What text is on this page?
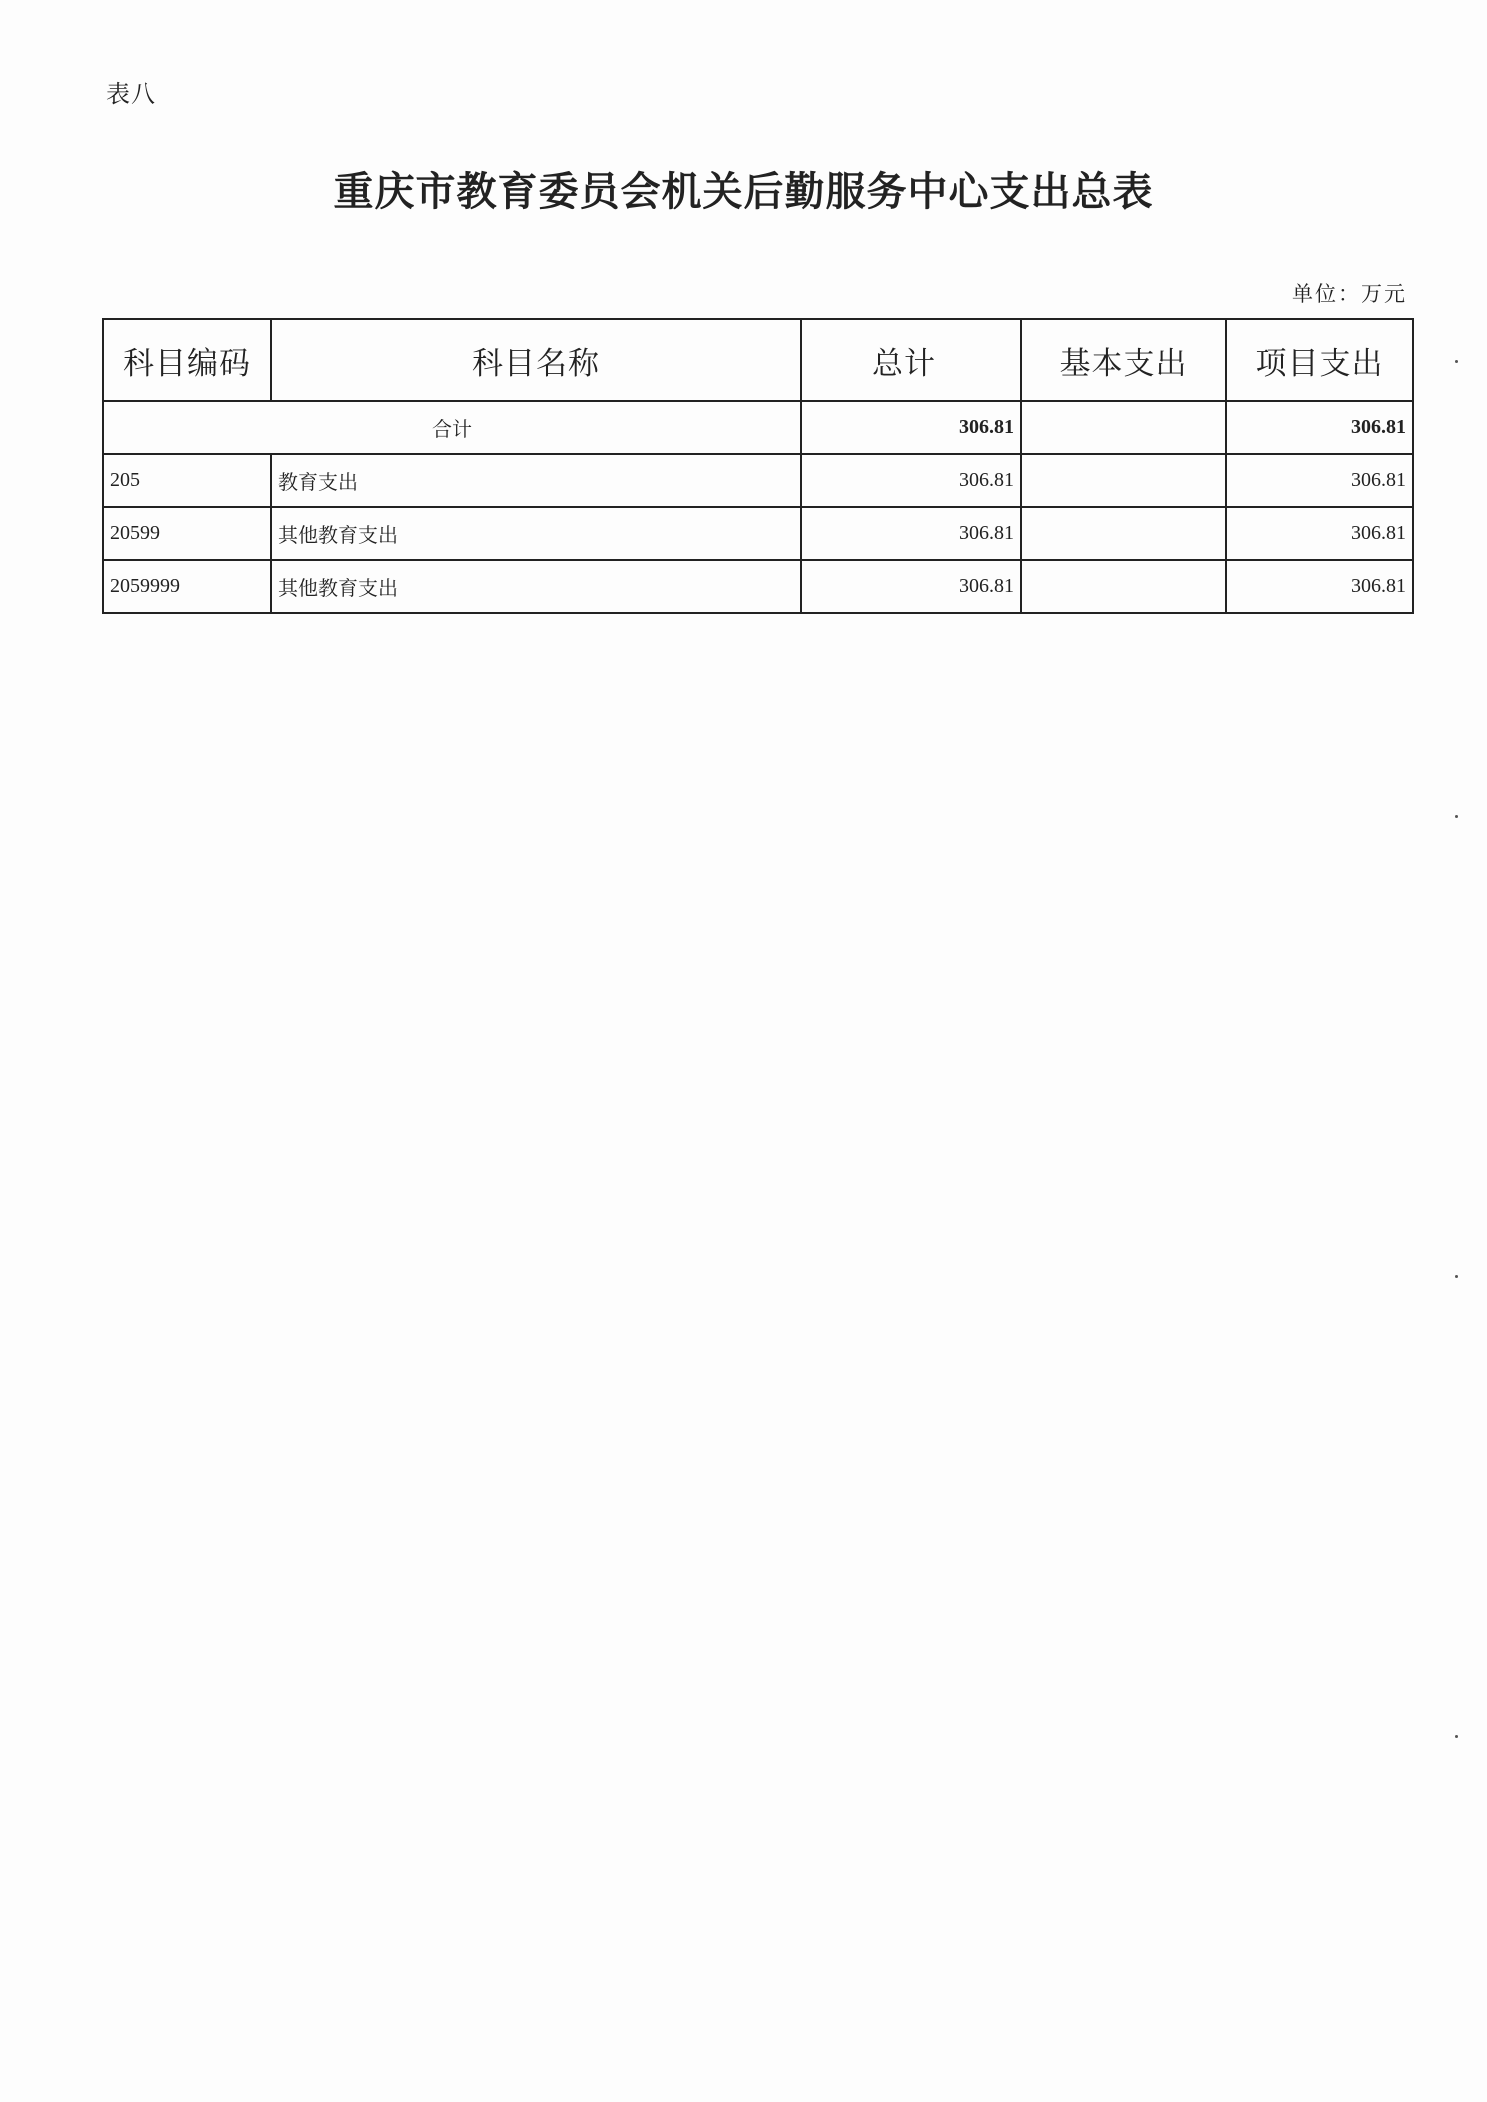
表八
重庆市教育委员会机关后勤服务中心支出总表
单位：万元
科目编码	科目名称	总计	基本支出	项目支出
合计		306.81		306.81
205	教育支出	306.81		306.81
20599	其他教育支出	306.81		306.81
2059999	其他教育支出	306.81		306.81
